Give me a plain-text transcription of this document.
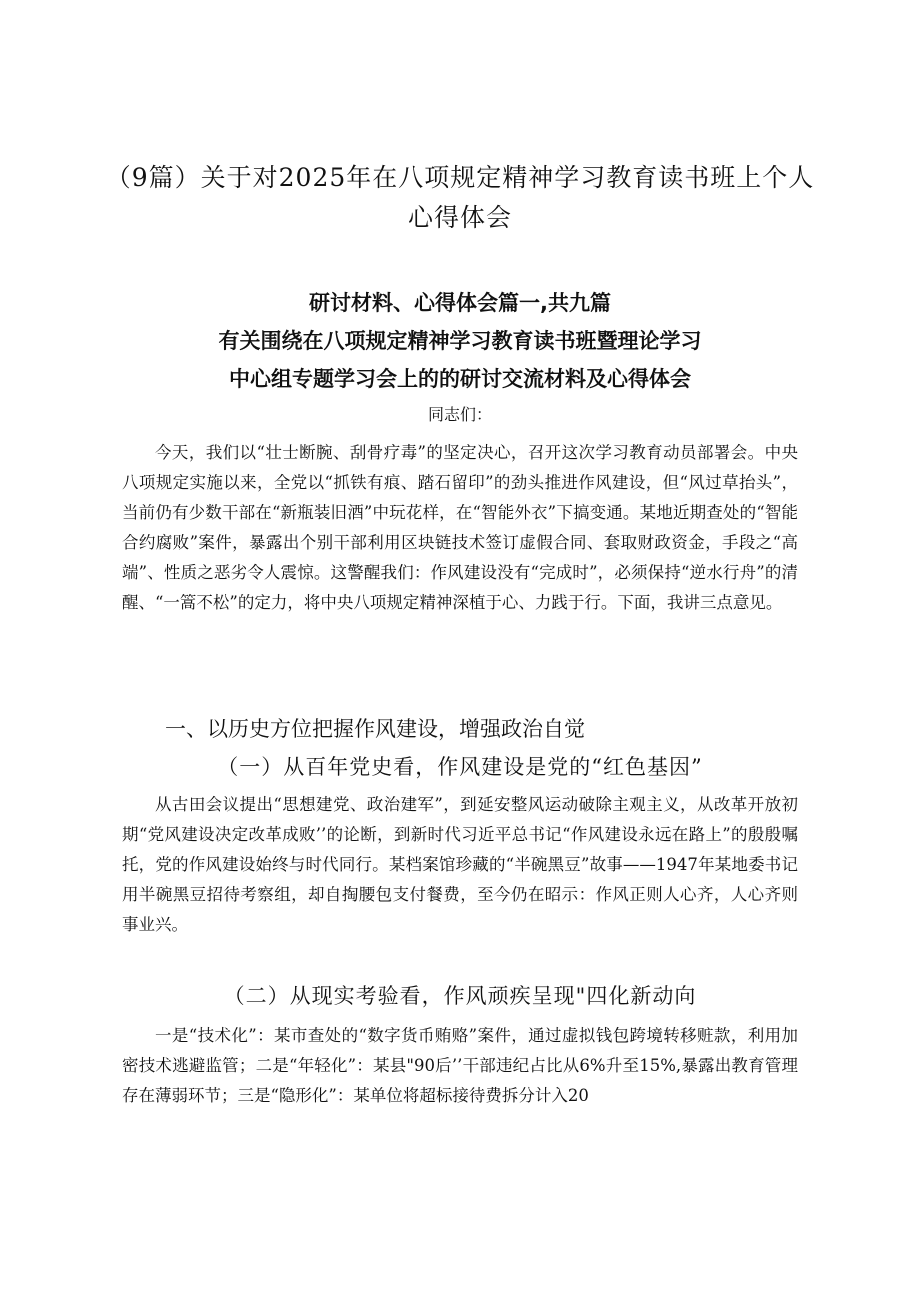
（9篇）关于对2025年在八项规定精神学习教育读书班上个人
心得体会
研讨材料、心得体会篇一,共九篇
有关围绕在八项规定精神学习教育读书班暨理论学习
中心组专题学习会上的的研讨交流材料及心得体会
同志们：
今天，我们以“壮士断腕、刮骨疗毒”的坚定决心，召开这次学习教育动员部署会。中央八项规定实施以来，全党以“抓铁有痕、踏石留印”的劲头推进作风建设，但“风过草抬头”，当前仍有少数干部在“新瓶装旧酒”中玩花样，在“智能外衣”下搞变通。某地近期查处的“智能合约腐败”案件，暴露出个别干部利用区块链技术签订虚假合同、套取财政资金，手段之“高端”、性质之恶劣令人震惊。这警醒我们：作风建设没有“完成时”，必须保持“逆水行舟”的清醒、“一篙不松”的定力，将中央八项规定精神深植于心、力践于行。下面，我讲三点意见。
一、以历史方位把握作风建设，增强政治自觉
（一）从百年党史看，作风建设是党的“红色基因”
从古田会议提出“思想建党、政治建军”，到延安整风运动破除主观主义，从改革开放初期“党风建设决定改革成败’’的论断，到新时代习近平总书记“作风建设永远在路上”的殷殷嘱托，党的作风建设始终与时代同行。某档案馆珍藏的“半碗黑豆”故事——1947年某地委书记用半碗黑豆招待考察组，却自掏腰包支付餐费，至今仍在昭示：作风正则人心齐，人心齐则事业兴。
（二）从现实考验看，作风顽疾呈现"四化新动向
一是“技术化”：某市查处的“数字货币贿赂”案件，通过虚拟钱包跨境转移赃款，利用加密技术逃避监管；二是“年轻化”：某县"90后’’干部违纪占比从6%升至15%,暴露出教育管理存在薄弱环节；三是“隐形化”：某单位将超标接待费拆分计入20
